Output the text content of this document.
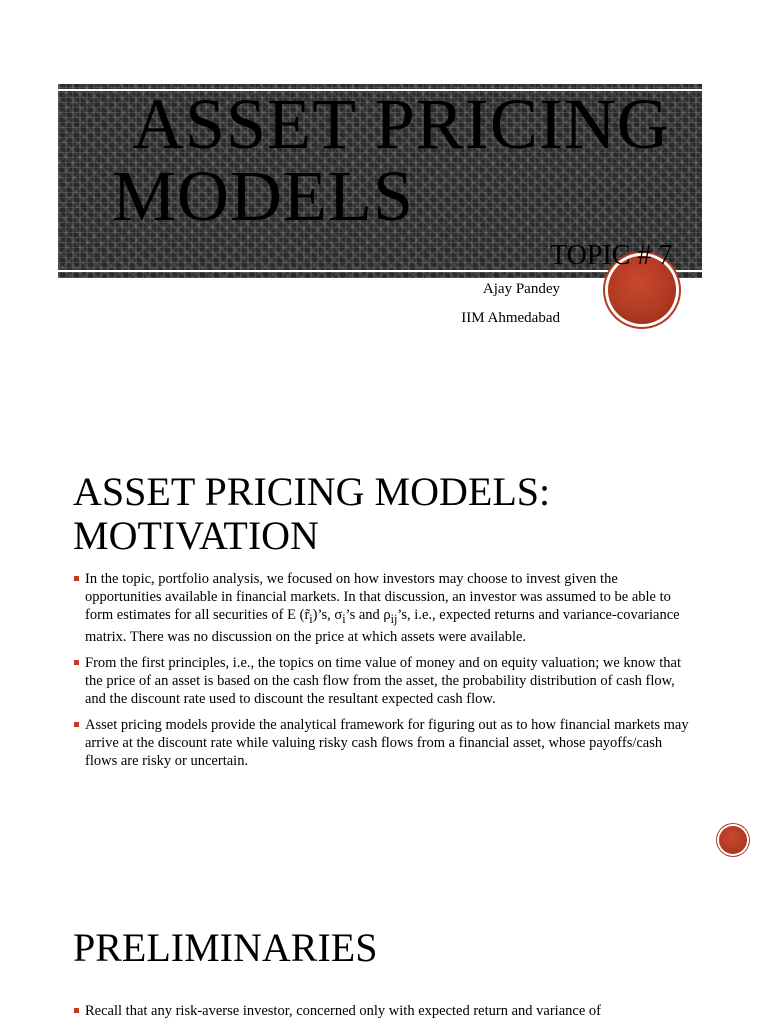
ASSET PRICING
MODELS
TOPIC # 7
Ajay Pandey
IIM Ahmedabad
ASSET PRICING MODELS:
MOTIVATION
In the topic, portfolio analysis, we focused on how investors may choose to invest given the opportunities available in financial markets. In that discussion, an investor was assumed to be able to form estimates for all securities of E $(r̃_i)’s$, $\sigma_i’s$ and $\rho_{ij}’s$, i.e., expected returns and variance-covariance matrix. There was no discussion on the price at which assets were available.
From the first principles, i.e., the topics on time value of money and on equity valuation; we know that the price of an asset is based on the cash flow from the asset, the probability distribution of cash flow, and the discount rate used to discount the resultant expected cash flow.
Asset pricing models provide the analytical framework for figuring out as to how financial markets may arrive at the discount rate while valuing risky cash flows from a financial asset, whose payoffs/cash flows are risky or uncertain.
PRELIMINARIES
Recall that any risk-averse investor, concerned only with expected return and variance of
